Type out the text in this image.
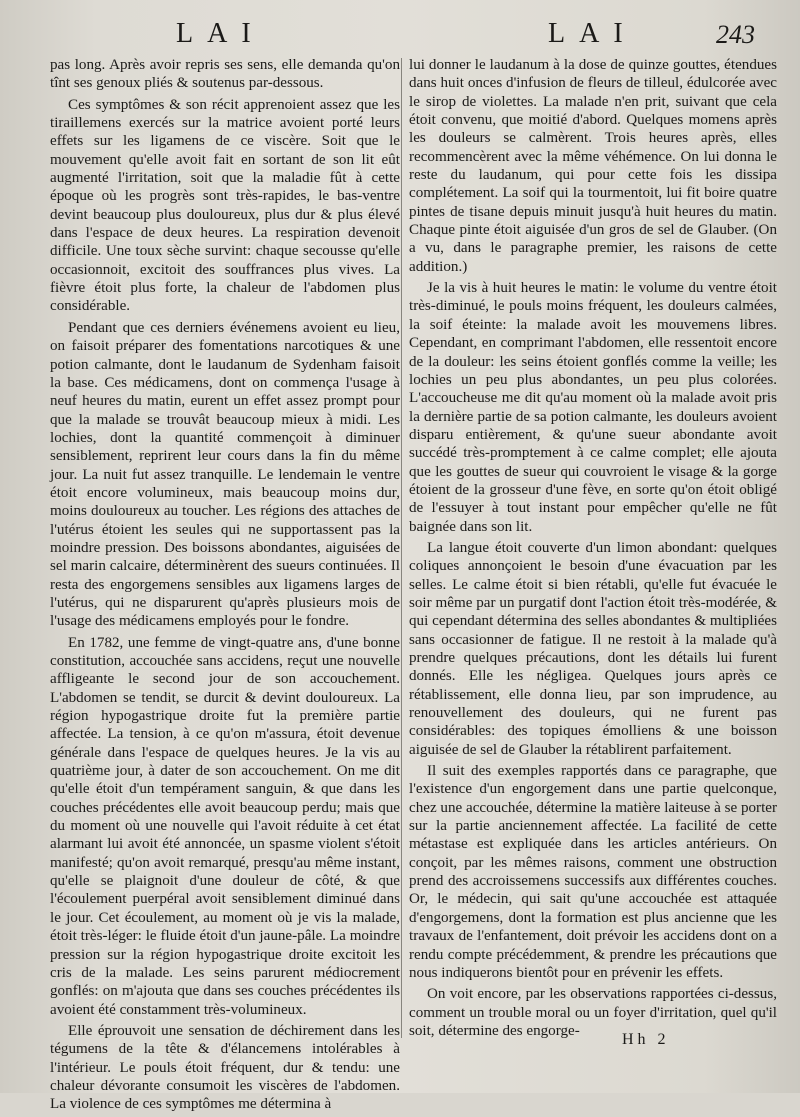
LAI	LAI	243

pas long. Après avoir repris ses sens, elle demanda qu'on tînt ses genoux pliés & soutenus par-dessous.

Ces symptômes & son récit apprenoient assez que les tiraillemens exercés sur la matrice avoient porté leurs effets sur les ligamens de ce viscère. Soit que le mouvement qu'elle avoit fait en sortant de son lit eût augmenté l'irritation, soit que la maladie fût à cette époque où les progrès sont très-rapides, le bas-ventre devint beaucoup plus douloureux, plus dur & plus élevé dans l'espace de deux heures. La respiration devenoit difficile. Une toux sèche survint: chaque secousse qu'elle occasionnoit, excitoit des souffrances plus vives. La fièvre étoit plus forte, la chaleur de l'abdomen plus considérable.

Pendant que ces derniers événemens avoient eu lieu, on faisoit préparer des fomentations narcotiques & une potion calmante, dont le laudanum de Sydenham faisoit la base. Ces médicamens, dont on commença l'usage à neuf heures du matin, eurent un effet assez prompt pour que la malade se trouvât beaucoup mieux à midi. Les lochies, dont la quantité commençoit à diminuer sensiblement, reprirent leur cours dans la fin du même jour. La nuit fut assez tranquille. Le lendemain le ventre étoit encore volumineux, mais beaucoup moins dur, moins douloureux au toucher. Les régions des attaches de l'utérus étoient les seules qui ne supportassent pas la moindre pression. Des boissons abondantes, aiguisées de sel marin calcaire, déterminèrent des sueurs continuées. Il resta des engorgemens sensibles aux ligamens larges de l'utérus, qui ne disparurent qu'après plusieurs mois de l'usage des médicamens employés pour le fondre.

En 1782, une femme de vingt-quatre ans, d'une bonne constitution, accouchée sans accidens, reçut une nouvelle affligeante le second jour de son accouchement. L'abdomen se tendit, se durcit & devint douloureux. La région hypogastrique droite fut la première partie affectée. La tension, à ce qu'on m'assura, étoit devenue générale dans l'espace de quelques heures. Je la vis au quatrième jour, à dater de son accouchement. On me dit qu'elle étoit d'un tempérament sanguin, & que dans les couches précédentes elle avoit beaucoup perdu; mais que du moment où une nouvelle qui l'avoit réduite à cet état alarmant lui avoit été annoncée, un spasme violent s'étoit manifesté; qu'on avoit remarqué, presqu'au même instant, qu'elle se plaignoit d'une douleur de côté, & que l'écoulement puerpéral avoit sensiblement diminué dans le jour. Cet écoulement, au moment où je vis la malade, étoit très-léger: le fluide étoit d'un jaune-pâle. La moindre pression sur la région hypogastrique droite excitoit les cris de la malade. Les seins parurent médiocrement gonflés: on m'ajouta que dans ses couches précédentes ils avoient été constamment très-volumineux.

Elle éprouvoit une sensation de déchirement dans les tégumens de la tête & d'élancemens intolérables à l'intérieur. Le pouls étoit fréquent, dur & tendu: une chaleur dévorante consumoit les viscères de l'abdomen. La violence de ces symptômes me détermina à

lui donner le laudanum à la dose de quinze gouttes, étendues dans huit onces d'infusion de fleurs de tilleul, édulcorée avec le sirop de violettes. La malade n'en prit, suivant que cela étoit convenu, que moitié d'abord. Quelques momens après les douleurs se calmèrent. Trois heures après, elles recommencèrent avec la même véhémence. On lui donna le reste du laudanum, qui pour cette fois les dissipa complétement. La soif qui la tourmentoit, lui fit boire quatre pintes de tisane depuis minuit jusqu'à huit heures du matin. Chaque pinte étoit aiguisée d'un gros de sel de Glauber. (On a vu, dans le paragraphe premier, les raisons de cette addition.)

Je la vis à huit heures le matin: le volume du ventre étoit très-diminué, le pouls moins fréquent, les douleurs calmées, la soif éteinte: la malade avoit les mouvemens libres. Cependant, en comprimant l'abdomen, elle ressentoit encore de la douleur: les seins étoient gonflés comme la veille; les lochies un peu plus abondantes, un peu plus colorées. L'accoucheuse me dit qu'au moment où la malade avoit pris la dernière partie de sa potion calmante, les douleurs avoient disparu entièrement, & qu'une sueur abondante avoit succédé très-promptement à ce calme complet; elle ajouta que les gouttes de sueur qui couvroient le visage & la gorge étoient de la grosseur d'une fève, en sorte qu'on étoit obligé de l'essuyer à tout instant pour empêcher qu'elle ne fût baignée dans son lit.

La langue étoit couverte d'un limon abondant: quelques coliques annonçoient le besoin d'une évacuation par les selles. Le calme étoit si bien rétabli, qu'elle fut évacuée le soir même par un purgatif dont l'action étoit très-modérée, & qui cependant détermina des selles abondantes & multipliées sans occasionner de fatigue. Il ne restoit à la malade qu'à prendre quelques précautions, dont les détails lui furent donnés. Elle les négligea. Quelques jours après ce rétablissement, elle donna lieu, par son imprudence, au renouvellement des douleurs, qui ne furent pas considérables: des topiques émolliens & une boisson aiguisée de sel de Glauber la rétablirent parfaitement.

Il suit des exemples rapportés dans ce paragraphe, que l'existence d'un engorgement dans une partie quelconque, chez une accouchée, détermine la matière laiteuse à se porter sur la partie anciennement affectée. La facilité de cette métastase est expliquée dans les articles antérieurs. On conçoit, par les mêmes raisons, comment une obstruction prend des accroissemens successifs aux différentes couches. Or, le médecin, qui sait qu'une accouchée est attaquée d'engorgemens, dont la formation est plus ancienne que les travaux de l'enfantement, doit prévoir les accidens dont on a rendu compte précédemment, & prendre les précautions que nous indiquerons bientôt pour en prévenir les effets.

On voit encore, par les observations rapportées ci-dessus, comment un trouble moral ou un foyer d'irritation, quel qu'il soit, détermine des engorge-

Hh 2
